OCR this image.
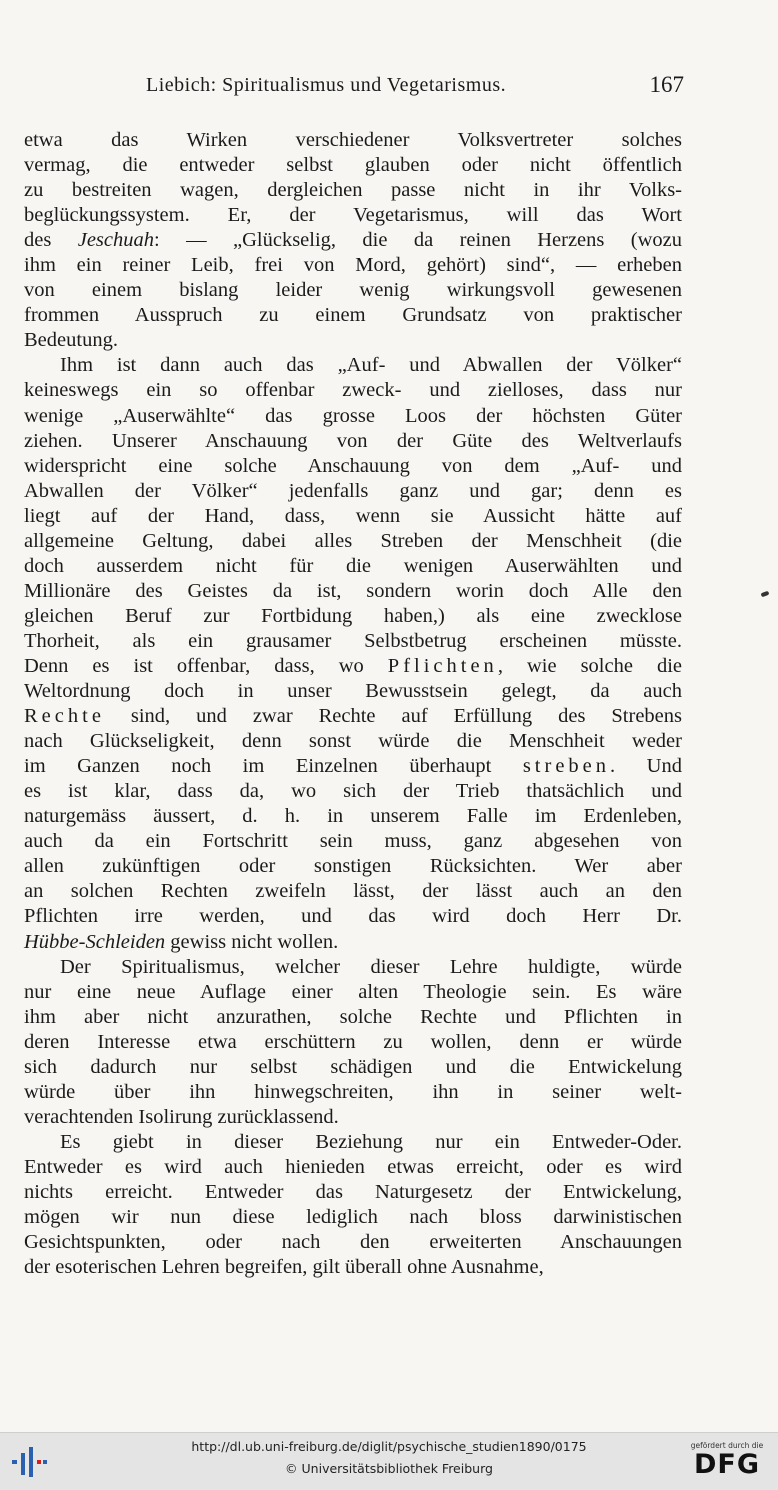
Liebich: Spiritualismus und Vegetarismus.	167
etwa das Wirken verschiedener Volksvertreter solches
vermag, die entweder selbst glauben oder nicht öffentlich
zu bestreiten wagen, dergleichen passe nicht in ihr Volks-
beglückungssystem. Er, der Vegetarismus, will das Wort
des Jeschuah: — „Glückselig, die da reinen Herzens (wozu
ihm ein reiner Leib, frei von Mord, gehört) sind“, — erheben
von einem bislang leider wenig wirkungsvoll gewesenen
frommen Ausspruch zu einem Grundsatz von praktischer
Bedeutung.
Ihm ist dann auch das „Auf- und Abwallen der Völker“
keineswegs ein so offenbar zweck- und zielloses, dass nur
wenige „Auserwählte“ das grosse Loos der höchsten Güter
ziehen. Unserer Anschauung von der Güte des Weltverlaufs
widerspricht eine solche Anschauung von dem „Auf- und
Abwallen der Völker“ jedenfalls ganz und gar; denn es
liegt auf der Hand, dass, wenn sie Aussicht hätte auf
allgemeine Geltung, dabei alles Streben der Menschheit (die
doch ausserdem nicht für die wenigen Auserwählten und
Millionäre des Geistes da ist, sondern worin doch Alle den
gleichen Beruf zur Fortbidung haben,) als eine zwecklose
Thorheit, als ein grausamer Selbstbetrug erscheinen müsste.
Denn es ist offenbar, dass, wo Pflichten, wie solche die
Weltordnung doch in unser Bewusstsein gelegt, da auch
Rechte sind, und zwar Rechte auf Erfüllung des Strebens
nach Glückseligkeit, denn sonst würde die Menschheit weder
im Ganzen noch im Einzelnen überhaupt streben. Und
es ist klar, dass da, wo sich der Trieb thatsächlich und
naturgemäss äussert, d. h. in unserem Falle im Erdenleben,
auch da ein Fortschritt sein muss, ganz abgesehen von
allen zukünftigen oder sonstigen Rücksichten. Wer aber
an solchen Rechten zweifeln lässt, der lässt auch an den
Pflichten irre werden, und das wird doch Herr Dr.
Hübbe-Schleiden gewiss nicht wollen.
Der Spiritualismus, welcher dieser Lehre huldigte, würde
nur eine neue Auflage einer alten Theologie sein. Es wäre
ihm aber nicht anzurathen, solche Rechte und Pflichten in
deren Interesse etwa erschüttern zu wollen, denn er würde
sich dadurch nur selbst schädigen und die Entwickelung
würde über ihn hinwegschreiten, ihn in seiner welt-
verachtenden Isolirung zurücklassend.
Es giebt in dieser Beziehung nur ein Entweder-Oder.
Entweder es wird auch hienieden etwas erreicht, oder es wird
nichts erreicht. Entweder das Naturgesetz der Entwickelung,
mögen wir nun diese lediglich nach bloss darwinistischen
Gesichtspunkten, oder nach den erweiterten Anschauungen
der esoterischen Lehren begreifen, gilt überall ohne Ausnahme,
http://dl.ub.uni-freiburg.de/diglit/psychische_studien1890/0175
© Universitätsbibliothek Freiburg
gefördert durch die
DFG
